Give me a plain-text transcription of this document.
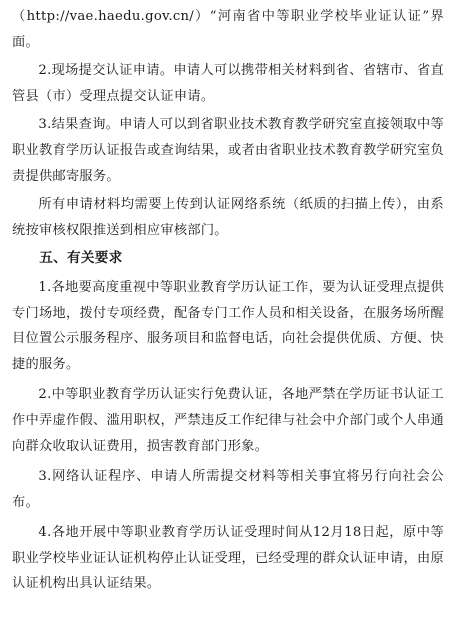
（http://vae.haedu.gov.cn/）“河南省中等职业学校毕业证认证”界面。

2.现场提交认证申请。申请人可以携带相关材料到省、省辖市、省直管县（市）受理点提交认证申请。

3.结果查询。申请人可以到省职业技术教育教学研究室直接领取中等职业教育学历认证报告或查询结果，或者由省职业技术教育教学研究室负责提供邮寄服务。

所有申请材料均需要上传到认证网络系统（纸质的扫描上传），由系统按审核权限推送到相应审核部门。

五、有关要求

1.各地要高度重视中等职业教育学历认证工作，要为认证受理点提供专门场地，拨付专项经费，配备专门工作人员和相关设备，在服务场所醒目位置公示服务程序、服务项目和监督电话，向社会提供优质、方便、快捷的服务。

2.中等职业教育学历认证实行免费认证，各地严禁在学历证书认证工作中弄虚作假、滥用职权，严禁违反工作纪律与社会中介部门或个人串通向群众收取认证费用，损害教育部门形象。

3.网络认证程序、申请人所需提交材料等相关事宜将另行向社会公布。

4.各地开展中等职业教育学历认证受理时间从12月18日起，原中等职业学校毕业证认证机构停止认证受理，已经受理的群众认证申请，由原认证机构出具认证结果。
